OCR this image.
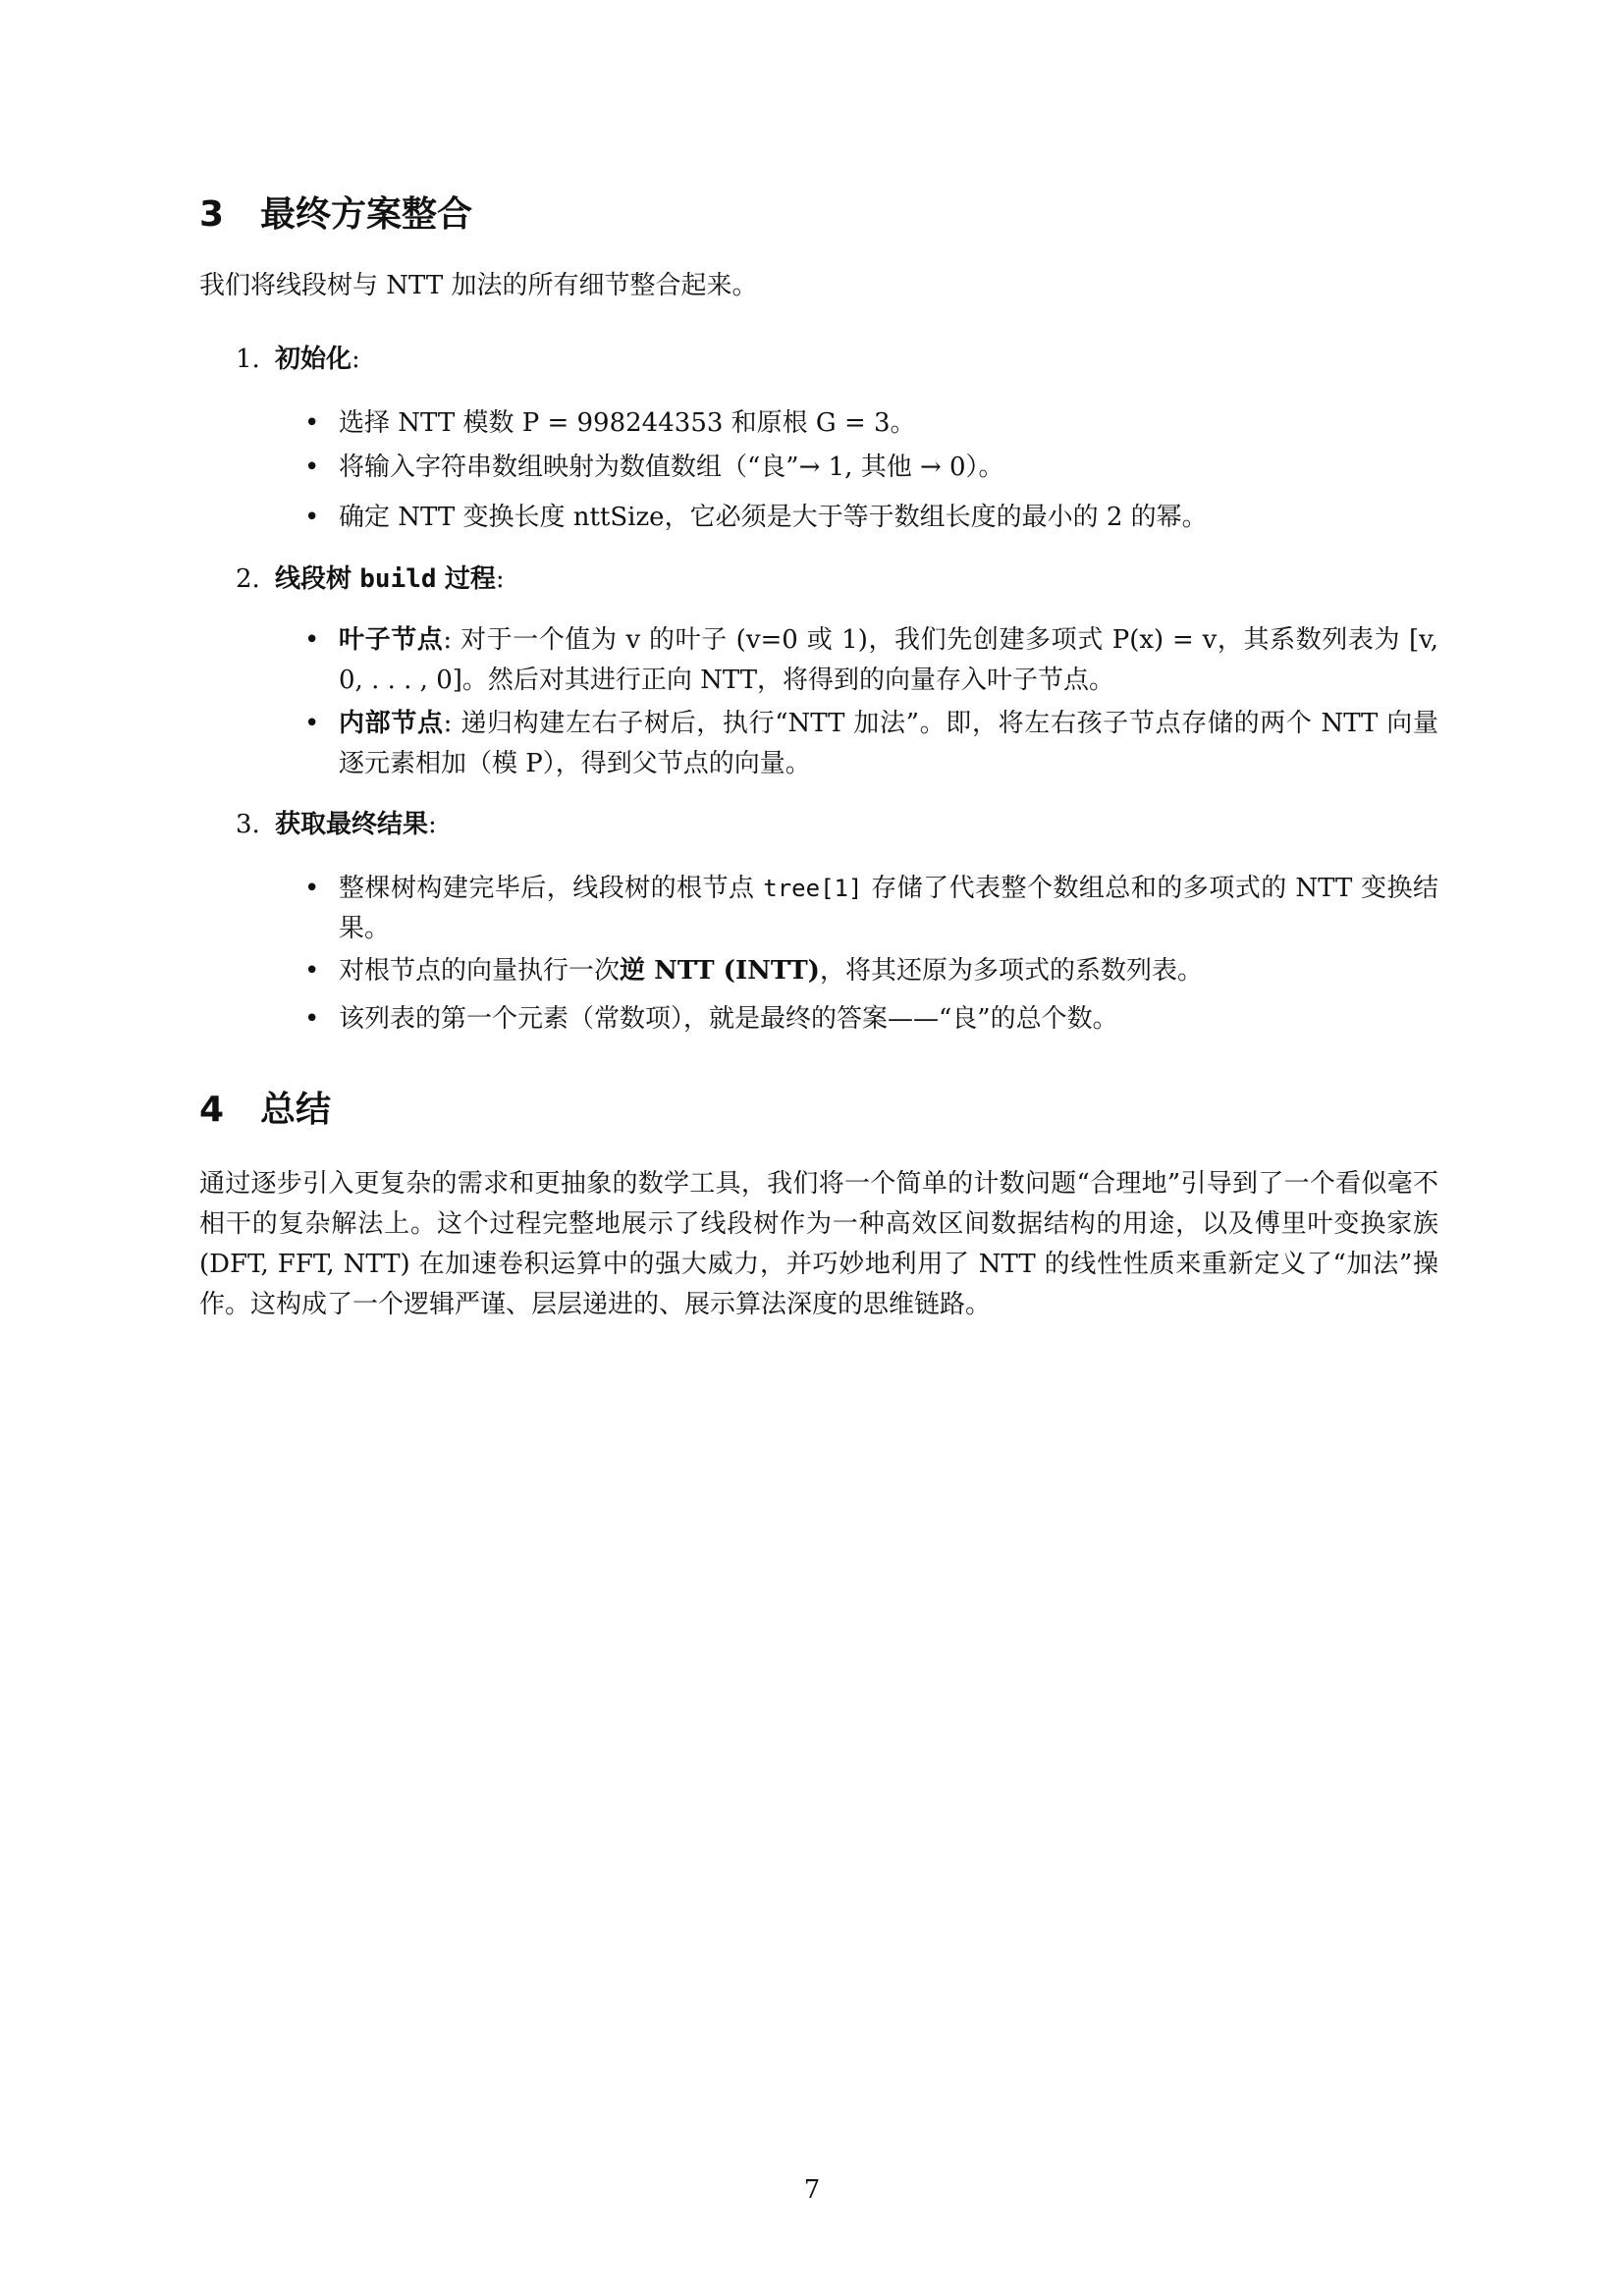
3 最终方案整合

我们将线段树与 NTT 加法的所有细节整合起来。

1. 初始化:

• 选择 NTT 模数 P = 998244353 和原根 G = 3。

• 将输入字符串数组映射为数值数组（“良”→ 1, 其他 → 0）。

• 确定 NTT 变换长度 nttSize，它必须是大于等于数组长度的最小的 2 的幂。

2. 线段树 build 过程:

• 叶子节点: 对于一个值为 v 的叶子 (v=0 或 1)，我们先创建多项式 P(x) = v，其系数列表为 [v, 0, . . . , 0]。然后对其进行正向 NTT，将得到的向量存入叶子节点。

• 内部节点: 递归构建左右子树后，执行“NTT 加法”。即，将左右孩子节点存储的两个 NTT 向量逐元素相加（模 P），得到父节点的向量。

3. 获取最终结果:

• 整棵树构建完毕后，线段树的根节点 tree[1] 存储了代表整个数组总和的多项式的 NTT 变换结果。

• 对根节点的向量执行一次逆 NTT (INTT)，将其还原为多项式的系数列表。

• 该列表的第一个元素（常数项），就是最终的答案——“良”的总个数。

4 总结

通过逐步引入更复杂的需求和更抽象的数学工具，我们将一个简单的计数问题“合理地”引导到了一个看似毫不相干的复杂解法上。这个过程完整地展示了线段树作为一种高效区间数据结构的用途，以及傅里叶变换家族 (DFT, FFT, NTT) 在加速卷积运算中的强大威力，并巧妙地利用了 NTT 的线性性质来重新定义了“加法”操作。这构成了一个逻辑严谨、层层递进的、展示算法深度的思维链路。

7
